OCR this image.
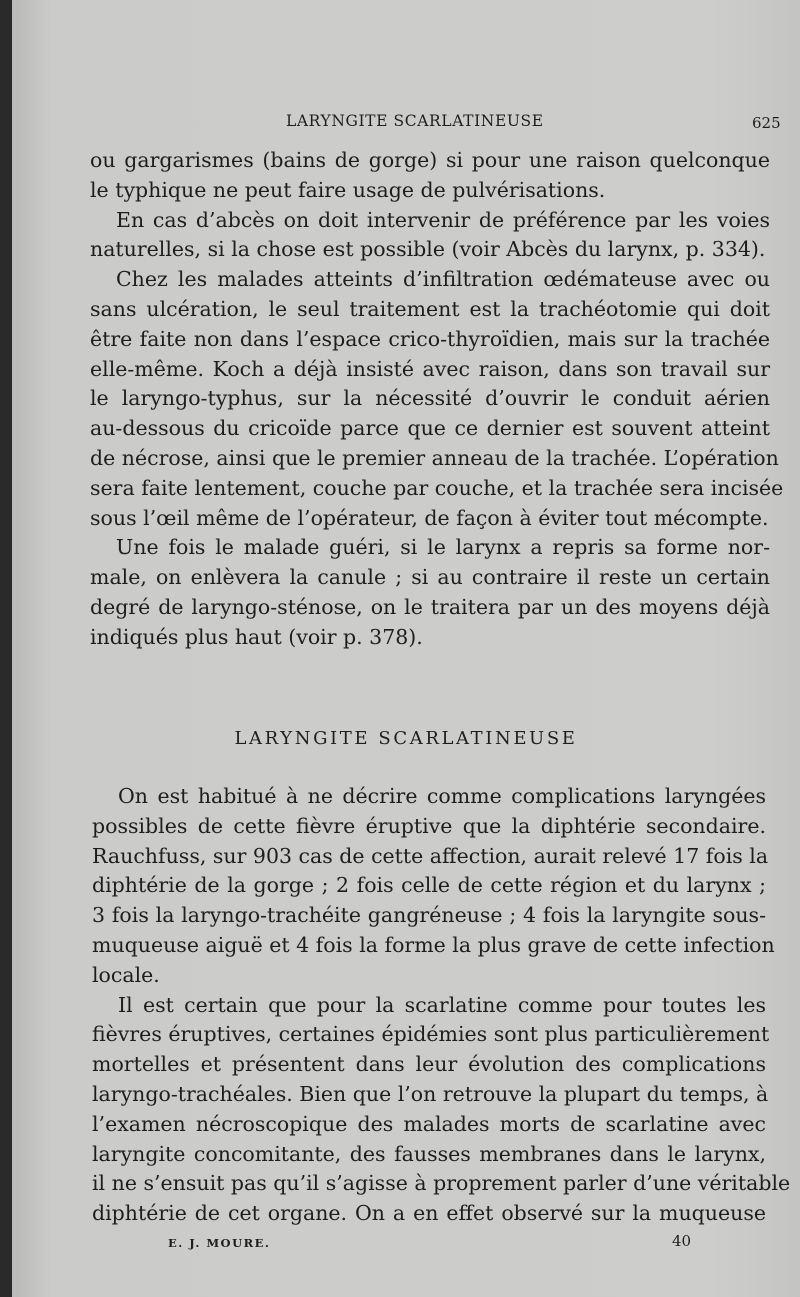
LARYNGITE SCARLATINEUSE	625
ou gargarismes (bains de gorge) si pour une raison quelconque
le typhique ne peut faire usage de pulvérisations.
En cas d’abcès on doit intervenir de préférence par les voies
naturelles, si la chose est possible (voir Abcès du larynx, p. 334).
Chez les malades atteints d’infiltration œdémateuse avec ou
sans ulcération, le seul traitement est la trachéotomie qui doit
être faite non dans l’espace crico-thyroïdien, mais sur la trachée
elle-même. Koch a déjà insisté avec raison, dans son travail sur
le laryngo-typhus, sur la nécessité d’ouvrir le conduit aérien
au-dessous du cricoïde parce que ce dernier est souvent atteint
de nécrose, ainsi que le premier anneau de la trachée. L’opération
sera faite lentement, couche par couche, et la trachée sera incisée
sous l’œil même de l’opérateur, de façon à éviter tout mécompte.
Une fois le malade guéri, si le larynx a repris sa forme nor-
male, on enlèvera la canule ; si au contraire il reste un certain
degré de laryngo-sténose, on le traitera par un des moyens déjà
indiqués plus haut (voir p. 378).
LARYNGITE SCARLATINEUSE
On est habitué à ne décrire comme complications laryngées
possibles de cette fièvre éruptive que la diphtérie secondaire.
Rauchfuss, sur 903 cas de cette affection, aurait relevé 17 fois la
diphtérie de la gorge ; 2 fois celle de cette région et du larynx ;
3 fois la laryngo-trachéite gangréneuse ; 4 fois la laryngite sous-
muqueuse aiguë et 4 fois la forme la plus grave de cette infection
locale.
Il est certain que pour la scarlatine comme pour toutes les
fièvres éruptives, certaines épidémies sont plus particulièrement
mortelles et présentent dans leur évolution des complications
laryngo-trachéales. Bien que l’on retrouve la plupart du temps, à
l’examen nécroscopique des malades morts de scarlatine avec
laryngite concomitante, des fausses membranes dans le larynx,
il ne s’ensuit pas qu’il s’agisse à proprement parler d’une véritable
diphtérie de cet organe. On a en effet observé sur la muqueuse
E. J. MOURE.	40
